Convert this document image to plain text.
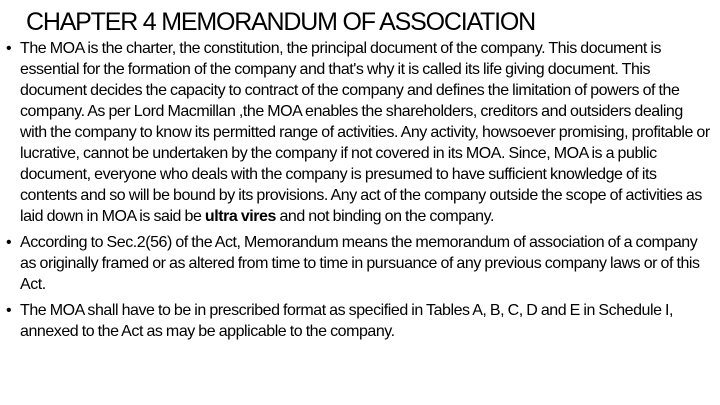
CHAPTER 4 MEMORANDUM OF ASSOCIATION
• The MOA is the charter, the constitution, the principal document of the company. This document is essential for the formation of the company and that's why it is called its life giving document. This document decides the capacity to contract of the company and defines the limitation of powers of the company. As per Lord Macmillan ,the MOA enables the shareholders, creditors and outsiders dealing with the company to know its permitted range of activities. Any activity, howsoever promising, profitable or lucrative, cannot be undertaken by the company if not covered in its MOA. Since, MOA is a public document, everyone who deals with the company is presumed to have sufficient knowledge of its contents and so will be bound by its provisions. Any act of the company outside the scope of activities as laid down in MOA is said be ultra vires and not binding on the company.
• According to Sec.2(56) of the Act, Memorandum means the memorandum of association of a company as originally framed or as altered from time to time in pursuance of any previous company laws or of this Act.
• The MOA shall have to be in prescribed format as specified in Tables A, B, C, D and E in Schedule I, annexed to the Act as may be applicable to the company.
